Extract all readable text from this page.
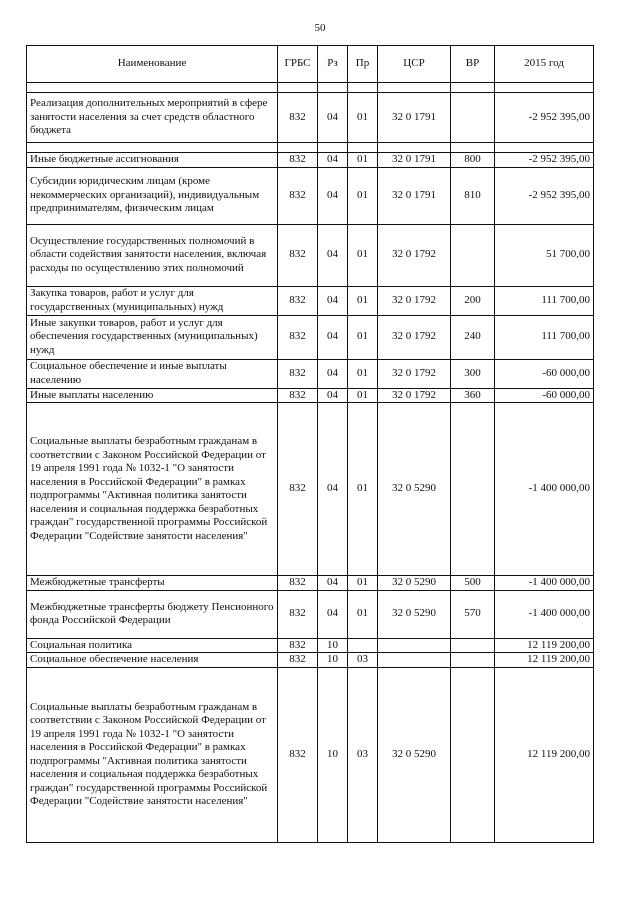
50
Наименование	ГРБС	Рз	Пр	ЦСР	ВР	2015 год

Реализация дополнительных мероприятий в сфере занятости населения за счет средств областного бюджета	832	04	01	32 0 1791		-2 952 395,00

Иные бюджетные ассигнования	832	04	01	32 0 1791	800	-2 952 395,00
Субсидии юридическим лицам (кроме некоммерческих организаций), индивидуальным предпринимателям, физическим лицам	832	04	01	32 0 1791	810	-2 952 395,00
Осуществление государственных полномочий в области содействия занятости населения, включая расходы по осуществлению этих полномочий	832	04	01	32 0 1792		51 700,00
Закупка товаров, работ и услуг для государственных (муниципальных) нужд	832	04	01	32 0 1792	200	111 700,00
Иные закупки товаров, работ и услуг для обеспечения государственных (муниципальных) нужд	832	04	01	32 0 1792	240	111 700,00
Социальное обеспечение и иные выплаты населению	832	04	01	32 0 1792	300	-60 000,00
Иные выплаты населению	832	04	01	32 0 1792	360	-60 000,00
Социальные выплаты безработным гражданам в соответствии с Законом Российской Федерации от 19 апреля 1991 года № 1032-1 "О занятости населения в Российской Федерации" в рамках подпрограммы "Активная политика занятости населения и социальная поддержка безработных граждан" государственной программы Российской Федерации "Содействие занятости населения"	832	04	01	32 0 5290		-1 400 000,00
Межбюджетные трансферты	832	04	01	32 0 5290	500	-1 400 000,00
Межбюджетные трансферты бюджету Пенсионного фонда Российской Федерации	832	04	01	32 0 5290	570	-1 400 000,00
Социальная политика	832	10				12 119 200,00
Социальное обеспечение населения	832	10	03			12 119 200,00
Социальные выплаты безработным гражданам в соответствии с Законом Российской Федерации от 19 апреля 1991 года № 1032-1 "О занятости населения в Российской Федерации" в рамках подпрограммы "Активная политика занятости населения и социальная поддержка безработных граждан" государственной программы Российской Федерации "Содействие занятости населения"	832	10	03	32 0 5290		12 119 200,00
